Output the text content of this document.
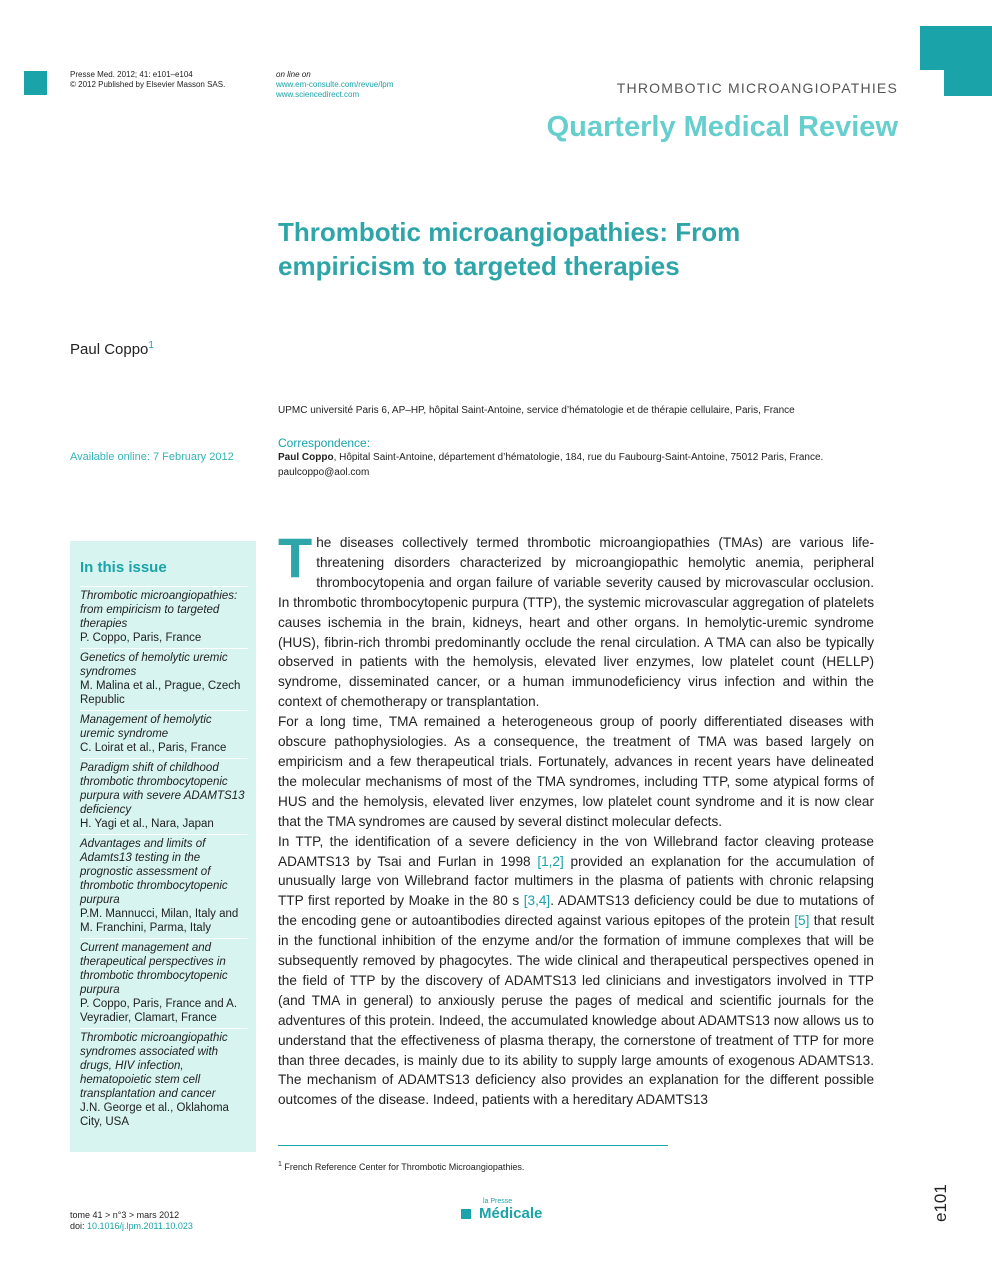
Presse Med. 2012; 41: e101–e104
© 2012 Published by Elsevier Masson SAS.
on line on
www.em-consulte.com/revue/lpm
www.sciencedirect.com	THROMBOTIC MICROANGIOPATHIES
Quarterly Medical Review
Thrombotic microangiopathies: From
empiricism to targeted therapies
Paul Coppo$^1$
UPMC université Paris 6, AP–HP, hôpital Saint-Antoine, service d’hématologie et de thérapie cellulaire, Paris, France
Correspondence:
Paul Coppo, Hôpital Saint-Antoine, département d’hématologie, 184, rue du Faubourg-Saint-Antoine, 75012 Paris, France.
paulcoppo@aol.com
Available online: 7 February 2012
In this issue
Thrombotic microangiopathies: from empiricism to targeted therapies
P. Coppo, Paris, France
Genetics of hemolytic uremic syndromes
M. Malina et al., Prague, Czech Republic
Management of hemolytic uremic syndrome
C. Loirat et al., Paris, France
Paradigm shift of childhood thrombotic thrombocytopenic purpura with severe ADAMTS13 deficiency
H. Yagi et al., Nara, Japan
Advantages and limits of Adamts13 testing in the prognostic assessment of thrombotic thrombocytopenic purpura
P.M. Mannucci, Milan, Italy and M. Franchini, Parma, Italy
Current management and therapeutical perspectives in thrombotic thrombocytopenic purpura
P. Coppo, Paris, France and A. Veyradier, Clamart, France
Thrombotic microangiopathic syndromes associated with drugs, HIV infection, hematopoietic stem cell transplantation and cancer
J.N. George et al., Oklahoma City, USA

The diseases collectively termed thrombotic microangiopathies (TMAs) are various life-threatening disorders characterized by microangiopathic hemolytic anemia, peripheral thrombocytopenia and organ failure of variable severity caused by microvascular occlusion. In thrombotic thrombocytopenic purpura (TTP), the systemic microvascular aggregation of platelets causes ischemia in the brain, kidneys, heart and other organs. In hemolytic-uremic syndrome (HUS), fibrin-rich thrombi predominantly occlude the renal circulation. A TMA can also be typically observed in patients with the hemolysis, elevated liver enzymes, low platelet count (HELLP) syndrome, disseminated cancer, or a human immunodeficiency virus infection and within the context of chemotherapy or transplantation.

For a long time, TMA remained a heterogeneous group of poorly differentiated diseases with obscure pathophysiologies. As a consequence, the treatment of TMA was based largely on empiricism and a few therapeutical trials. Fortunately, advances in recent years have delineated the molecular mechanisms of most of the TMA syndromes, including TTP, some atypical forms of HUS and the hemolysis, elevated liver enzymes, low platelet count syndrome and it is now clear that the TMA syndromes are caused by several distinct molecular defects.

In TTP, the identification of a severe deficiency in the von Willebrand factor cleaving protease ADAMTS13 by Tsai and Furlan in 1998 [1,2] provided an explanation for the accumulation of unusually large von Willebrand factor multimers in the plasma of patients with chronic relapsing TTP first reported by Moake in the 80 s [3,4]. ADAMTS13 deficiency could be due to mutations of the encoding gene or autoantibodies directed against various epitopes of the protein [5] that result in the functional inhibition of the enzyme and/or the formation of immune complexes that will be subsequently removed by phagocytes. The wide clinical and therapeutical perspectives opened in the field of TTP by the discovery of ADAMTS13 led clinicians and investigators involved in TTP (and TMA in general) to anxiously peruse the pages of medical and scientific journals for the adventures of this protein. Indeed, the accumulated knowledge about ADAMTS13 now allows us to understand that the effectiveness of plasma therapy, the cornerstone of treatment of TTP for more than three decades, is mainly due to its ability to supply large amounts of exogenous ADAMTS13. The mechanism of ADAMTS13 deficiency also provides an explanation for the different possible outcomes of the disease. Indeed, patients with a hereditary ADAMTS13

$^1$ French Reference Center for Thrombotic Microangiopathies.
tome 41 > n°3 > mars 2012
doi: 10.1016/j.lpm.2011.10.023
la Presse
Médicale	e101
